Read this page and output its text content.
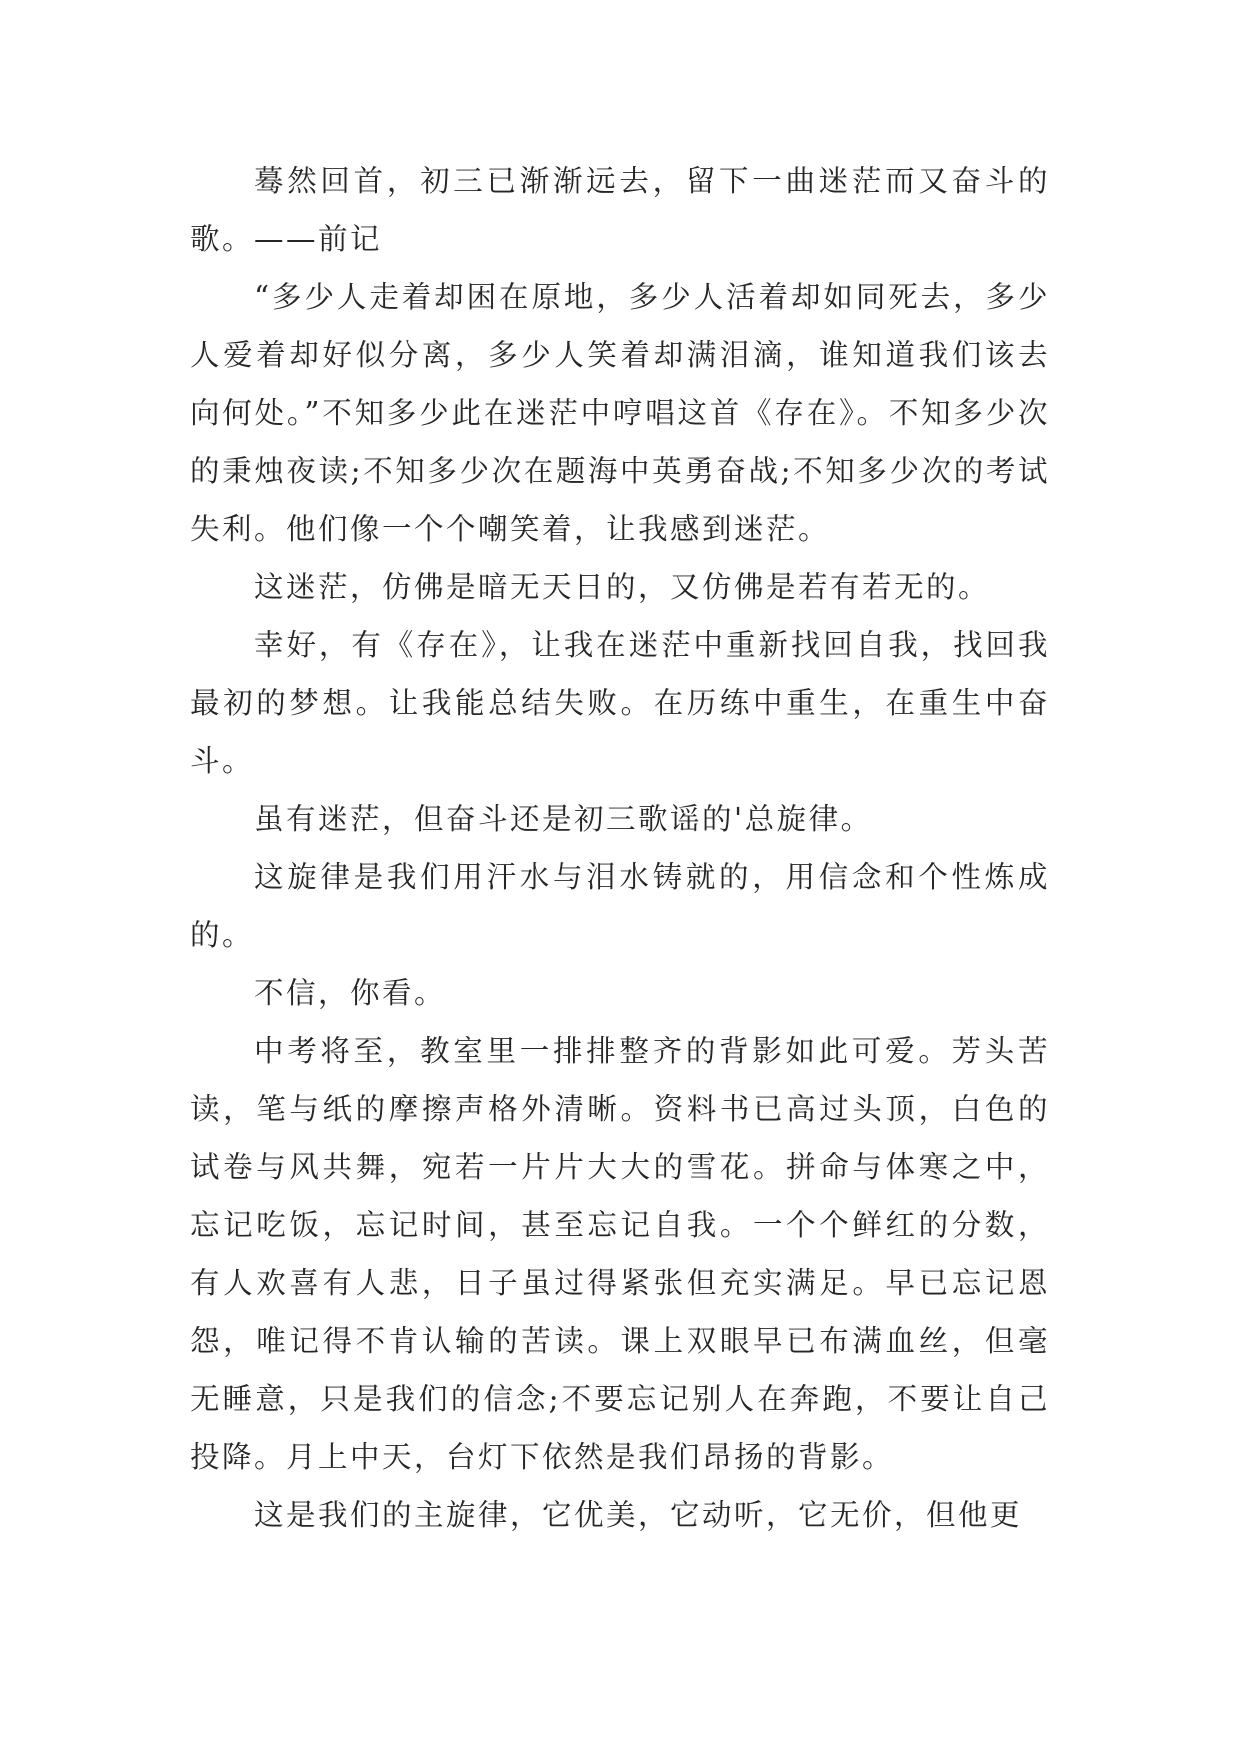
蓦然回首，初三已渐渐远去，留下一曲迷茫而又奋斗的歌。——前记

“多少人走着却困在原地，多少人活着却如同死去，多少人爱着却好似分离，多少人笑着却满泪滴，谁知道我们该去向何处。”不知多少此在迷茫中哼唱这首《存在》。不知多少次的秉烛夜读;不知多少次在题海中英勇奋战;不知多少次的考试失利。他们像一个个嘲笑着，让我感到迷茫。

这迷茫，仿佛是暗无天日的，又仿佛是若有若无的。

幸好，有《存在》，让我在迷茫中重新找回自我，找回我最初的梦想。让我能总结失败。在历练中重生，在重生中奋斗。

虽有迷茫，但奋斗还是初三歌谣的'总旋律。

这旋律是我们用汗水与泪水铸就的，用信念和个性炼成的。

不信，你看。

中考将至，教室里一排排整齐的背影如此可爱。芳头苦读，笔与纸的摩擦声格外清晰。资料书已高过头顶，白色的试卷与风共舞，宛若一片片大大的雪花。拼命与体寒之中，忘记吃饭，忘记时间，甚至忘记自我。一个个鲜红的分数，有人欢喜有人悲，日子虽过得紧张但充实满足。早已忘记恩怨，唯记得不肯认输的苦读。课上双眼早已布满血丝，但毫无睡意，只是我们的信念;不要忘记别人在奔跑，不要让自己投降。月上中天，台灯下依然是我们昂扬的背影。

这是我们的主旋律，它优美，它动听，它无价，但他更
